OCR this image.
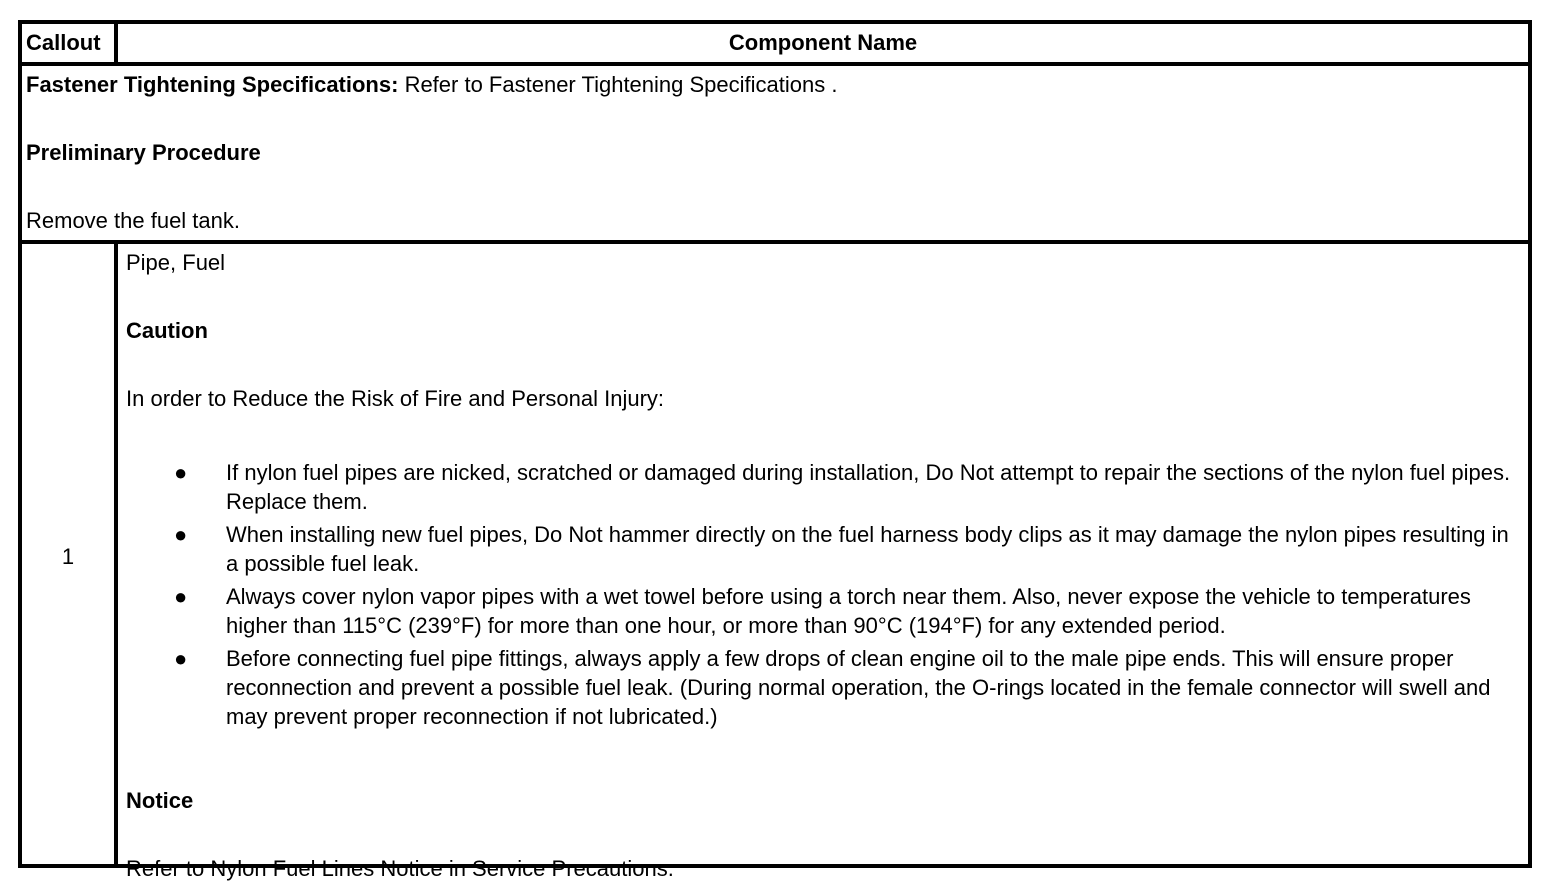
Callout	Component Name
Fastener Tightening Specifications: Refer to Fastener Tightening Specifications .
Preliminary Procedure
Remove the fuel tank.
1
Pipe, Fuel
Caution
In order to Reduce the Risk of Fire and Personal Injury:
● If nylon fuel pipes are nicked, scratched or damaged during installation, Do Not attempt to repair the sections of the nylon fuel pipes. Replace them.
● When installing new fuel pipes, Do Not hammer directly on the fuel harness body clips as it may damage the nylon pipes resulting in a possible fuel leak.
● Always cover nylon vapor pipes with a wet towel before using a torch near them. Also, never expose the vehicle to temperatures higher than 115°C (239°F) for more than one hour, or more than 90°C (194°F) for any extended period.
● Before connecting fuel pipe fittings, always apply a few drops of clean engine oil to the male pipe ends. This will ensure proper reconnection and prevent a possible fuel leak. (During normal operation, the O-rings located in the female connector will swell and may prevent proper reconnection if not lubricated.)
Notice
Refer to Nylon Fuel Lines Notice in Service Precautions.
